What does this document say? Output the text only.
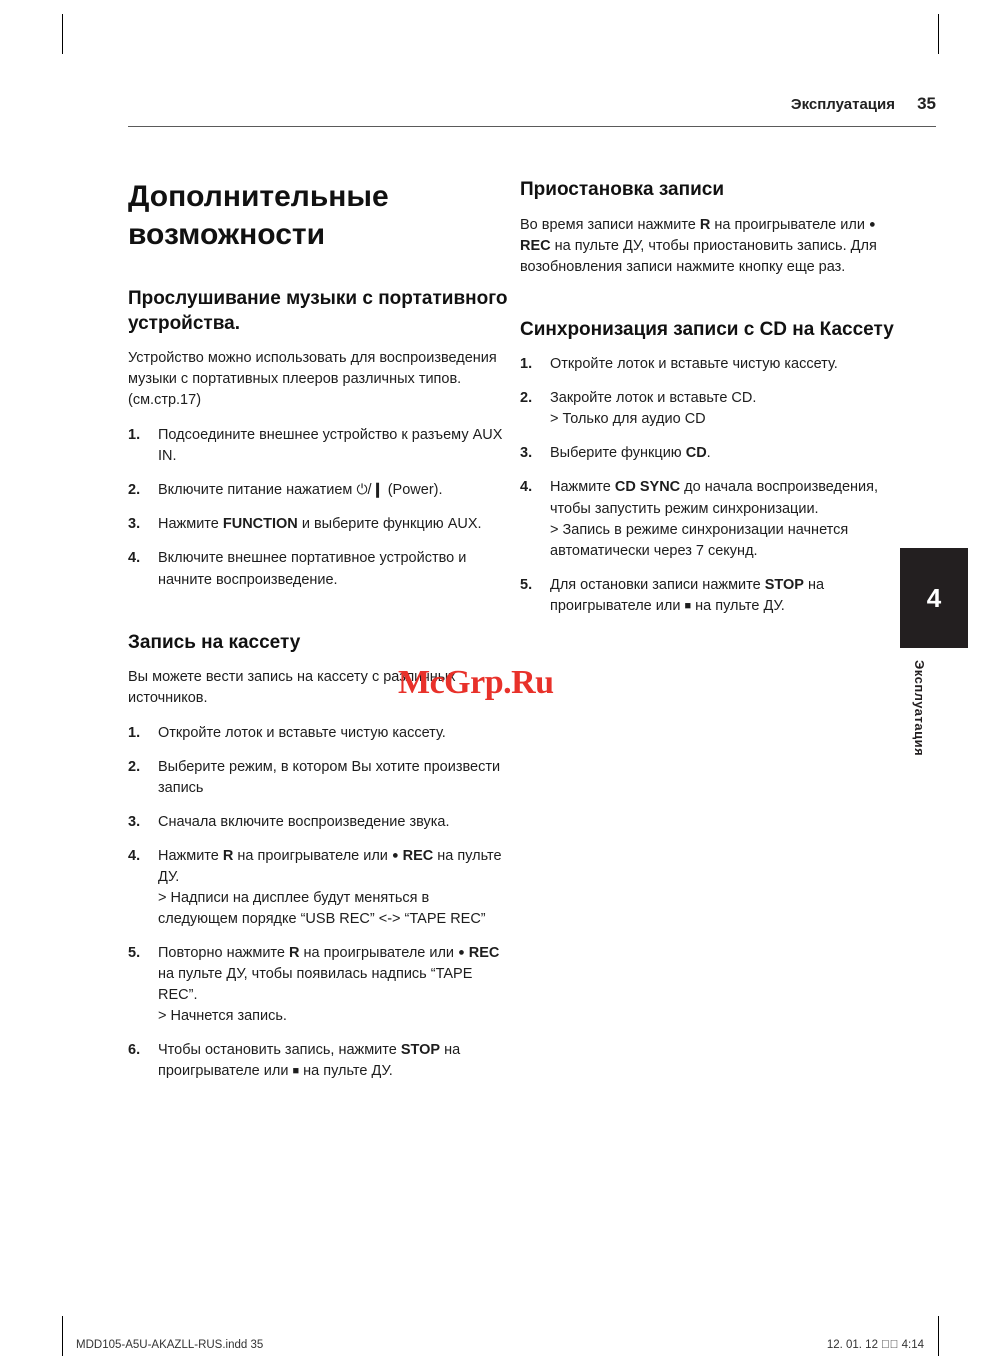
Эксплуатация 35
4
Эксплуатация
Дополнительные возможности
Прослушивание музыки с портативного устройства.

Устройство можно использовать для воспроизведения музыки с портативных плееров различных типов. (см.стр.17)

1. Подсоедините внешнее устройство к разъему AUX IN.
2. Включите питание нажатием ⏻/❙ (Power).
3. Нажмите FUNCTION и выберите функцию AUX.
4. Включите внешнее портативное устройство и начните воспроизведение.
Запись на кассету

Вы можете вести запись на кассету с различных источников.

1. Откройте лоток и вставьте чистую кассету.
2. Выберите режим, в котором Вы хотите произвести запись
3. Сначала включите воспроизведение звука.
4. Нажмите R на проигрывателе или ● REC на пульте ДУ.
> Надписи на дисплее будут меняться в следующем порядке “USB REC” <-> “TAPE REC”
5. Повторно нажмите R на проигрывателе или ● REC на пульте ДУ, чтобы появилась надпись “TAPE REC”.
> Начнется запись.
6. Чтобы остановить запись, нажмите STOP на проигрывателе или ■ на пульте ДУ.
Приостановка записи

Во время записи нажмите R на проигрывателе или ● REC на пульте ДУ, чтобы приостановить запись. Для возобновления записи нажмите кнопку еще раз.

Синхронизация записи с CD на Кассету
1. Откройте лоток и вставьте чистую кассету.
2. Закройте лоток и вставьте CD.
> Только для аудио CD
3. Выберите функцию CD.
4. Нажмите CD SYNC до начала воспроизведения, чтобы запустить режим синхронизации.
> Запись в режиме синхронизации начнется автоматически через 7 секунд.
5. Для остановки записи нажмите STOP на проигрывателе или ■ на пульте ДУ.
McGrp.Ru
MDD105-A5U-AKAZLL-RUS.indd 35	12. 01. 12 󰀀󰀀 4:14
